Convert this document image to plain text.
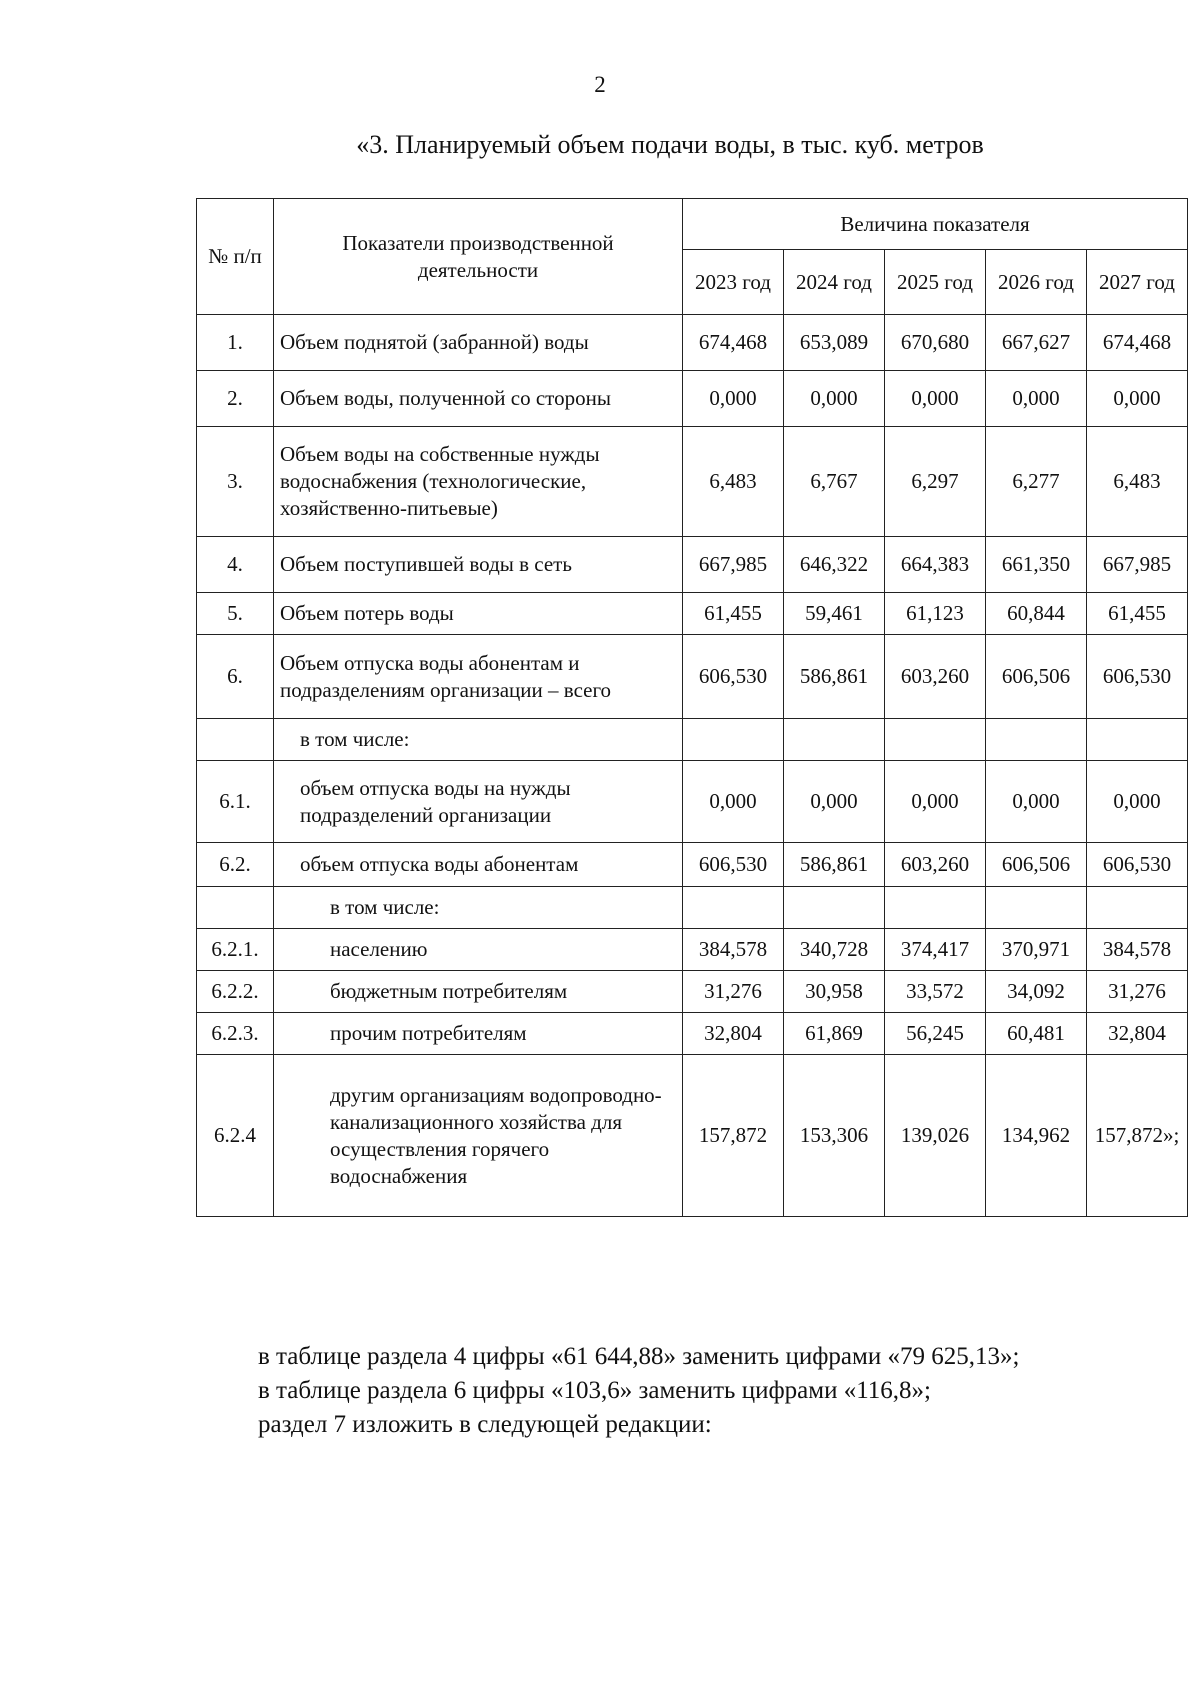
2
«3. Планируемый объем подачи воды, в тыс. куб. метров
№ п/п	Показатели производственной деятельности	Величина показателя				
		2023 год	2024 год	2025 год	2026 год	2027 год
1.	Объем поднятой (забранной) воды	674,468	653,089	670,680	667,627	674,468
2.	Объем воды, полученной со стороны	0,000	0,000	0,000	0,000	0,000
3.	Объем воды на собственные нужды водоснабжения (технологические, хозяйственно-питьевые)	6,483	6,767	6,297	6,277	6,483
4.	Объем поступившей воды в сеть	667,985	646,322	664,383	661,350	667,985
5.	Объем потерь воды	61,455	59,461	61,123	60,844	61,455
6.	Объем отпуска воды абонентам и подразделениям организации – всего	606,530	586,861	603,260	606,506	606,530
	в том числе:					
6.1.	объем отпуска воды на нужды подразделений организации	0,000	0,000	0,000	0,000	0,000
6.2.	объем отпуска воды абонентам	606,530	586,861	603,260	606,506	606,530
	в том числе:					
6.2.1.	населению	384,578	340,728	374,417	370,971	384,578
6.2.2.	бюджетным потребителям	31,276	30,958	33,572	34,092	31,276
6.2.3.	прочим потребителям	32,804	61,869	56,245	60,481	32,804
6.2.4	другим организациям водопроводно-канализационного хозяйства для осуществления горячего водоснабжения	157,872	153,306	139,026	134,962	157,872»;

в таблице раздела 4 цифры «61 644,88» заменить цифрами «79 625,13»;

в таблице раздела 6 цифры «103,6» заменить цифрами «116,8»;

раздел 7 изложить в следующей редакции:
